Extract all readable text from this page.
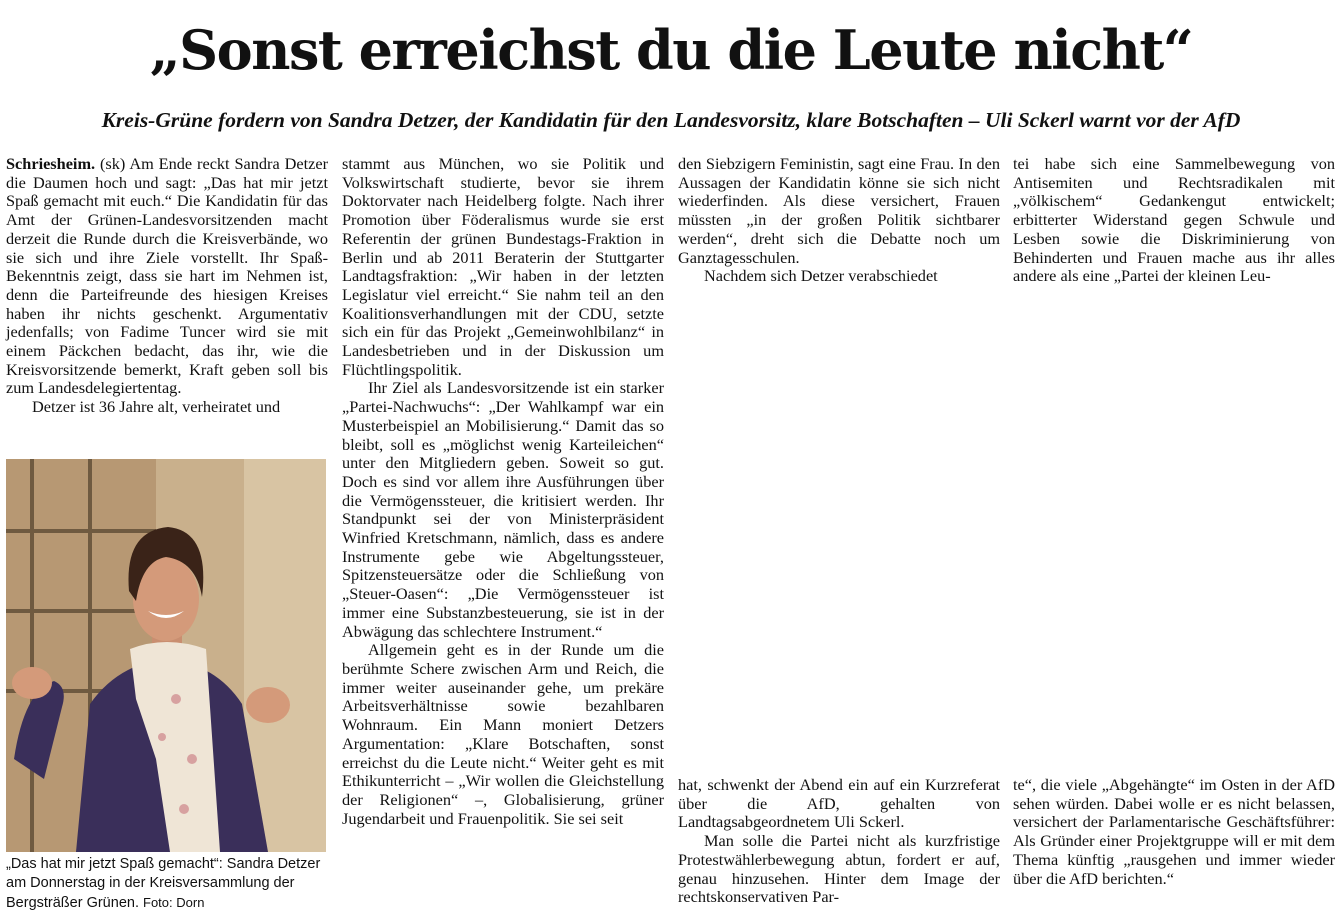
„Sonst erreichst du die Leute nicht“
Kreis-Grüne fordern von Sandra Detzer, der Kandidatin für den Landesvorsitz, klare Botschaften – Uli Sckerl warnt vor der AfD

Schriesheim. (sk) Am Ende reckt Sandra Detzer die Daumen hoch und sagt: „Das hat mir jetzt Spaß gemacht mit euch.“ Die Kandidatin für das Amt der Grünen-Landesvorsitzenden macht derzeit die Runde durch die Kreisverbände, wo sie sich und ihre Ziele vorstellt. Ihr Spaß-Bekenntnis zeigt, dass sie hart im Nehmen ist, denn die Parteifreunde des hiesigen Kreises haben ihr nichts geschenkt. Argumentativ jedenfalls; von Fadime Tuncer wird sie mit einem Päckchen bedacht, das ihr, wie die Kreisvorsitzende bemerkt, Kraft geben soll bis zum Landesdelegiertentag.

Detzer ist 36 Jahre alt, verheiratet und

„Das hat mir jetzt Spaß gemacht“: Sandra Detzer am Donnerstag in der Kreisversammlung der Bergsträßer Grünen. Foto: Dorn

stammt aus München, wo sie Politik und Volkswirtschaft studierte, bevor sie ihrem Doktorvater nach Heidelberg folgte. Nach ihrer Promotion über Föderalismus wurde sie erst Referentin der grünen Bundestags-Fraktion in Berlin und ab 2011 Beraterin der Stuttgarter Landtagsfraktion: „Wir haben in der letzten Legislatur viel erreicht.“ Sie nahm teil an den Koalitionsverhandlungen mit der CDU, setzte sich ein für das Projekt „Gemeinwohlbilanz“ in Landesbetrieben und in der Diskussion um Flüchtlingspolitik.

Ihr Ziel als Landesvorsitzende ist ein starker „Partei-Nachwuchs“: „Der Wahlkampf war ein Musterbeispiel an Mobilisierung.“ Damit das so bleibt, soll es „möglichst wenig Karteileichen“ unter den Mitgliedern geben. Soweit so gut. Doch es sind vor allem ihre Ausführungen über die Vermögenssteuer, die kritisiert werden. Ihr Standpunkt sei der von Ministerpräsident Winfried Kretschmann, nämlich, dass es andere Instrumente gebe wie Abgeltungssteuer, Spitzensteuersätze oder die Schließung von „Steuer-Oasen“: „Die Vermögenssteuer ist immer eine Substanzbesteuerung, sie ist in der Abwägung das schlechtere Instrument.“

Allgemein geht es in der Runde um die berühmte Schere zwischen Arm und Reich, die immer weiter auseinander gehe, um prekäre Arbeitsverhältnisse sowie bezahlbaren Wohnraum. Ein Mann moniert Detzers Argumentation: „Klare Botschaften, sonst erreichst du die Leute nicht.“ Weiter geht es mit Ethikunterricht – „Wir wollen die Gleichstellung der Religionen“ –, Globalisierung, grüner Jugendarbeit und Frauenpolitik. Sie sei seit

den Siebzigern Feministin, sagt eine Frau. In den Aussagen der Kandidatin könne sie sich nicht wiederfinden. Als diese versichert, Frauen müssten „in der großen Politik sichtbarer werden“, dreht sich die Debatte noch um Ganztagesschulen.

Nachdem sich Detzer verabschiedet

tei habe sich eine Sammelbewegung von Antisemiten und Rechtsradikalen mit „völkischem“ Gedankengut entwickelt; erbitterter Widerstand gegen Schwule und Lesben sowie die Diskriminierung von Behinderten und Frauen mache aus ihr alles andere als eine „Partei der kleinen Leu-

hat, schwenkt der Abend ein auf ein Kurzreferat über die AfD, gehalten von Landtagsabgeordnetem Uli Sckerl.

Man solle die Partei nicht als kurzfristige Protestwählerbewegung abtun, fordert er auf, genau hinzusehen. Hinter dem Image der rechtskonservativen Par-

te“, die viele „Abgehängte“ im Osten in der AfD sehen würden. Dabei wolle er es nicht belassen, versichert der Parlamentarische Geschäftsführer: Als Gründer einer Projektgruppe will er mit dem Thema künftig „rausgehen und immer wieder über die AfD berichten.“
